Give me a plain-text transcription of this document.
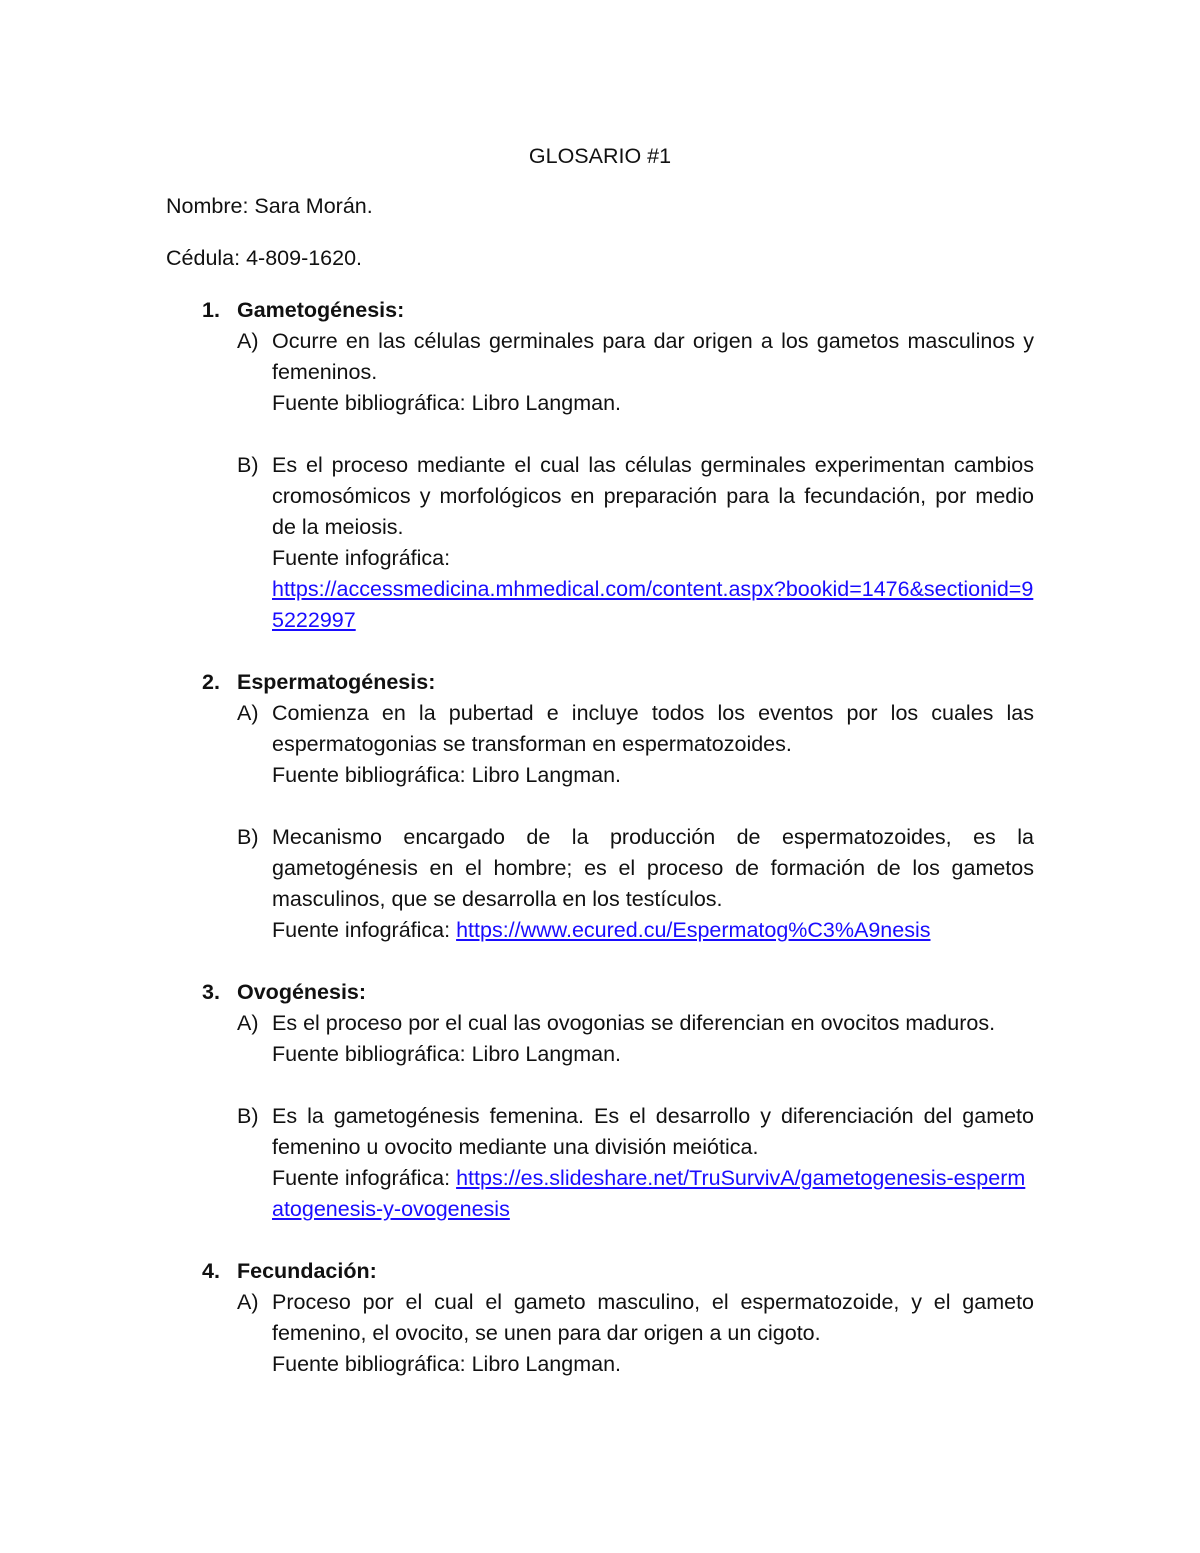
GLOSARIO #1
Nombre: Sara Morán.
Cédula: 4-809-1620.
1. Gametogénesis:
A) Ocurre en las células germinales para dar origen a los gametos masculinos y femeninos.
Fuente bibliográfica: Libro Langman.
B) Es el proceso mediante el cual las células germinales experimentan cambios cromosómicos y morfológicos en preparación para la fecundación, por medio de la meiosis.
Fuente infográfica:
https://accessmedicina.mhmedical.com/content.aspx?bookid=1476&sectionid=95222997
2. Espermatogénesis:
A) Comienza en la pubertad e incluye todos los eventos por los cuales las espermatogonias se transforman en espermatozoides.
Fuente bibliográfica: Libro Langman.
B) Mecanismo encargado de la producción de espermatozoides, es la gametogénesis en el hombre; es el proceso de formación de los gametos masculinos, que se desarrolla en los testículos.
Fuente infográfica: https://www.ecured.cu/Espermatog%C3%A9nesis
3. Ovogénesis:
A) Es el proceso por el cual las ovogonias se diferencian en ovocitos maduros.
Fuente bibliográfica: Libro Langman.
B) Es la gametogénesis femenina. Es el desarrollo y diferenciación del gameto femenino u ovocito mediante una división meiótica.
Fuente infográfica: https://es.slideshare.net/TruSurvivA/gametogenesis-espermatogenesis-y-ovogenesis
4. Fecundación:
A) Proceso por el cual el gameto masculino, el espermatozoide, y el gameto femenino, el ovocito, se unen para dar origen a un cigoto.
Fuente bibliográfica: Libro Langman.
